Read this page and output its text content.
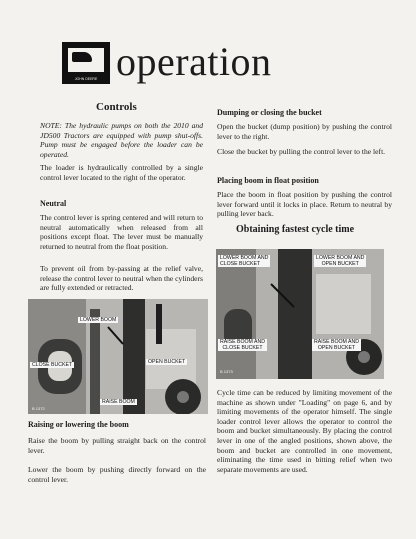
JOHN DEERE operation
Controls
NOTE: The hydraulic pumps on both the 2010 and JD500 Tractors are equipped with pump shut-offs. Pump must be engaged before the loader can be operated.
The loader is hydraulically controlled by a single control lever located to the right of the operator.
Neutral
The control lever is spring centered and will return to neutral automatically when released from all positions except float. The lever must be manually returned to neutral from the float position.
To prevent oil from by-passing at the relief valve, release the control lever to neutral when the cylinders are fully extended or retracted.
LOWER BOOM
CLOSE BUCKET	OPEN BUCKET
RAISE BOOM
B 1372
Raising or lowering the boom
Raise the boom by pulling straight back on the control lever.
Lower the boom by pushing directly forward on the control lever.
Dumping or closing the bucket
Open the bucket (dump position) by pushing the control lever to the right.
Close the bucket by pulling the control lever to the left.
Placing boom in float position
Place the boom in float position by pushing the control lever forward until it locks in place. Return to neutral by pulling lever back.
Obtaining fastest cycle time
LOWER BOOM AND
CLOSE BUCKET
LOWER BOOM AND
OPEN BUCKET
RAISE BOOM AND
CLOSE BUCKET
RAISE BOOM AND
OPEN BUCKET
B 1373
Cycle time can be reduced by limiting movement of the machine as shown under "Loading" on page 6, and by limiting movements of the operator himself. The single loader control lever allows the operator to control the boom and bucket simultaneously. By placing the control lever in one of the angled positions, shown above, the boom and bucket are controlled in one movement, eliminating the time used in bitting relief when two separate movements are used.
